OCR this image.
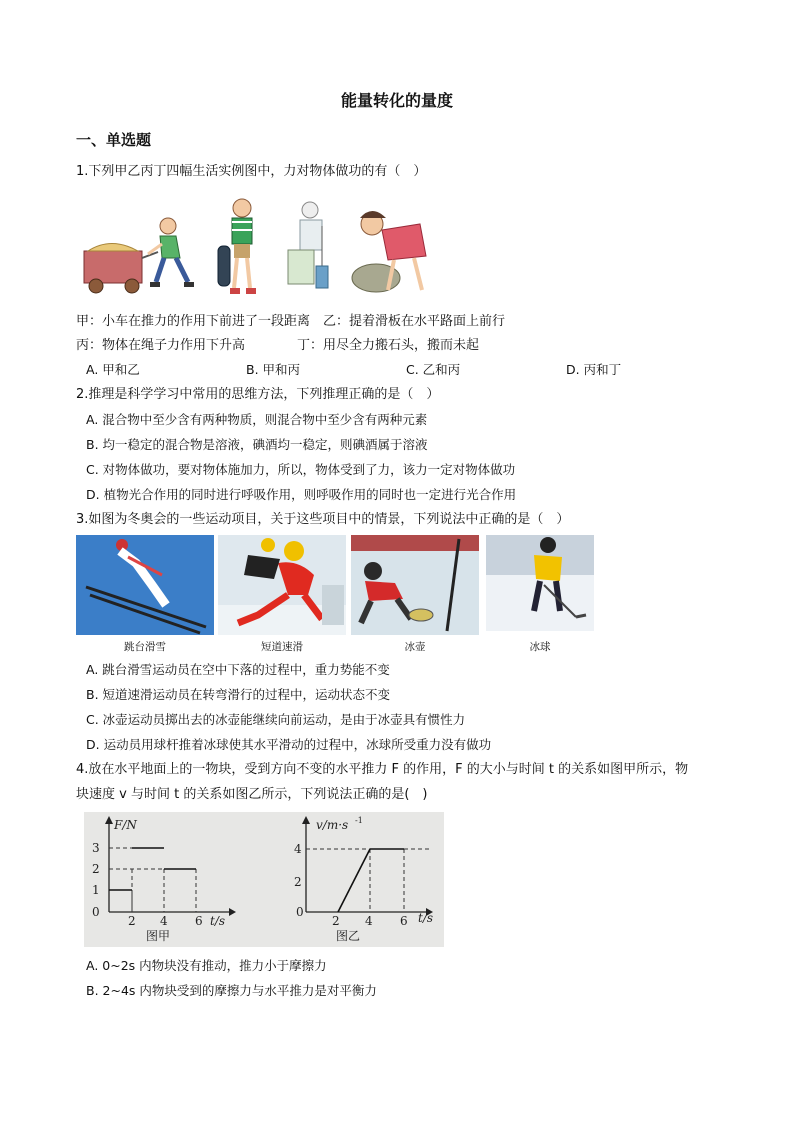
能量转化的量度
一、单选题
1.下列甲乙丙丁四幅生活实例图中，力对物体做功的有（　）
甲：小车在推力的作用下前进了一段距离　乙：提着滑板在水平路面上前行
丙：物体在绳子力作用下升高　　　　丁：用尽全力搬石头，搬而未起
A. 甲和乙	B. 甲和丙	C. 乙和丙	D. 丙和丁
2.推理是科学学习中常用的思维方法，下列推理正确的是（　）
A. 混合物中至少含有两种物质，则混合物中至少含有两种元素
B. 均一稳定的混合物是溶液，碘酒均一稳定，则碘酒属于溶液
C. 对物体做功，要对物体施加力，所以，物体受到了力，该力一定对物体做功
D. 植物光合作用的同时进行呼吸作用，则呼吸作用的同时也一定进行光合作用
3.如图为冬奥会的一些运动项目，关于这些项目中的情景，下列说法中正确的是（　）
跳台滑雪	短道速滑	冰壶	冰球
A. 跳台滑雪运动员在空中下落的过程中，重力势能不变
B. 短道速滑运动员在转弯滑行的过程中，运动状态不变
C. 冰壶运动员掷出去的冰壶能继续向前运动，是由于冰壶具有惯性力
D. 运动员用球杆推着冰球使其水平滑动的过程中，冰球所受重力没有做功
4.放在水平地面上的一物块，受到方向不变的水平推力 F 的作用，F 的大小与时间 t 的关系如图甲所示，物
块速度 v 与时间 t 的关系如图乙所示，下列说法正确的是(　)
F/N
t/s
3
2
1
0
2 4 6
图甲
v/m·s -1
t/s
4
2
0
2 4 6
图乙
A. 0~2s 内物块没有推动，推力小于摩擦力
B. 2~4s 内物块受到的摩擦力与水平推力是对平衡力
